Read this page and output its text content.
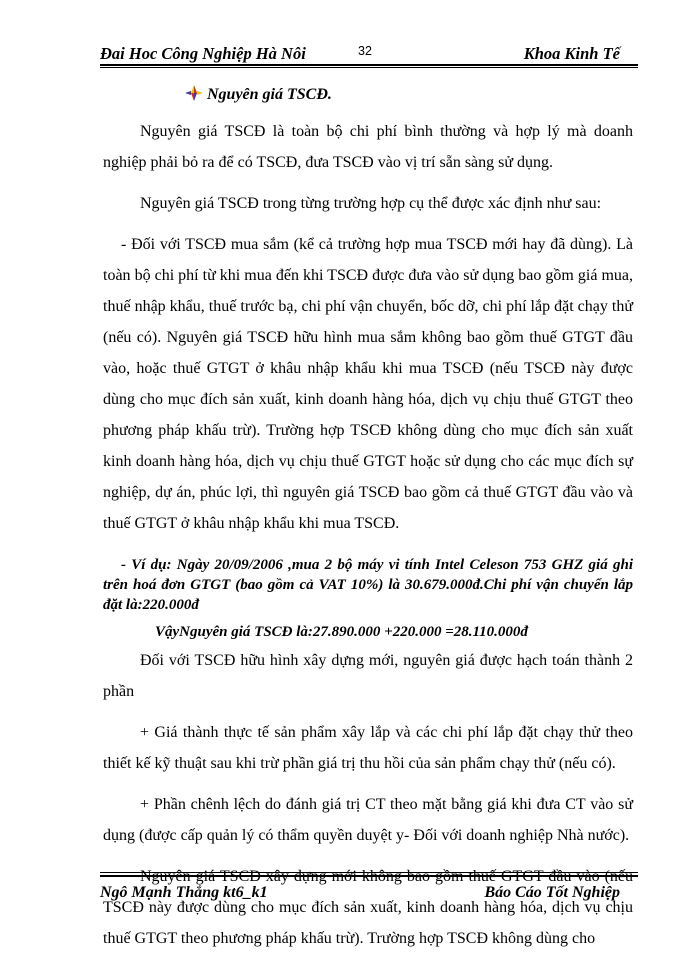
Đai Hoc Công Nghiệp Hà Nôi	32	Khoa Kinh Tế
Nguyên giá TSCĐ.

Nguyên giá TSCĐ là toàn bộ chi phí bình thường và hợp lý mà doanh nghiệp phải bỏ ra để có TSCĐ, đưa TSCĐ vào vị trí sẵn sàng sử dụng.

Nguyên giá TSCĐ trong từng trường hợp cụ thể được xác định như sau:

- Đối với TSCĐ mua sắm (kể cả trường hợp mua TSCĐ mới hay đã dùng). Là toàn bộ chi phí từ khi mua đến khi TSCĐ được đưa vào sử dụng bao gồm giá mua, thuế nhập khẩu, thuế trước bạ, chi phí vận chuyển, bốc dỡ, chi phí lắp đặt chạy thử (nếu có). Nguyên giá TSCĐ hữu hình mua sắm không bao gồm thuế GTGT đầu vào, hoặc thuế GTGT ở khâu nhập khẩu khi mua TSCĐ (nếu TSCĐ này được dùng cho mục đích sản xuất, kinh doanh hàng hóa, dịch vụ chịu thuế GTGT theo phương pháp khấu trừ). Trường hợp TSCĐ không dùng cho mục đích sản xuất kinh doanh hàng hóa, dịch vụ chịu thuế GTGT hoặc sử dụng cho các mục đích sự nghiệp, dự án, phúc lợi, thì nguyên giá TSCĐ bao gồm cả thuế GTGT đầu vào và thuế GTGT ở khâu nhập khẩu khi mua TSCĐ.

- Ví dụ: Ngày 20/09/2006 ,mua 2 bộ máy vi tính Intel Celeson 753 GHZ giá ghi trên hoá đơn GTGT (bao gồm cả VAT 10%) là 30.679.000đ.Chi phí vận chuyển lắp đặt là:220.000đ

VậyNguyên giá TSCĐ là:27.890.000 +220.000 =28.110.000đ

Đối với TSCĐ hữu hình xây dựng mới, nguyên giá được hạch toán thành 2 phần

+ Giá thành thực tế sản phẩm xây lắp và các chi phí lắp đặt chạy thử theo thiết kế kỹ thuật sau khi trừ phần giá trị thu hồi của sản phẩm chạy thử (nếu có).

+ Phần chênh lệch do đánh giá trị CT theo mặt bằng giá khi đưa CT vào sử dụng (được cấp quản lý có thẩm quyền duyệt y- Đối với doanh nghiệp Nhà nước).

Nguyên giá TSCĐ xây dựng mới không bao gồm thuế GTGT đầu vào (nếu TSCĐ này được dùng cho mục đích sản xuất, kinh doanh hàng hóa, dịch vụ chịu thuế GTGT theo phương pháp khấu trừ). Trường hợp TSCĐ không dùng cho

Ngô Mạnh Thắng kt6_k1	Báo Cáo Tốt Nghiệp
